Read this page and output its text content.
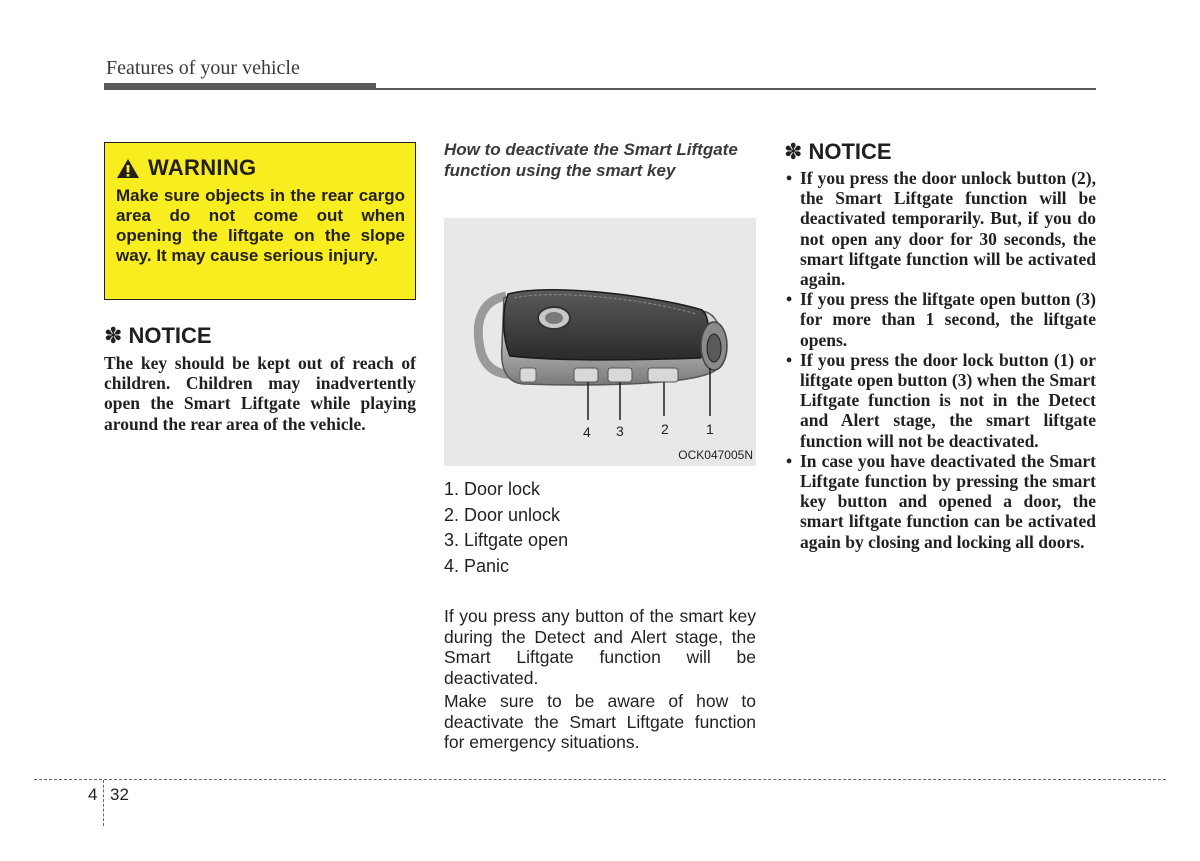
Features of your vehicle
WARNING
Make sure objects in the rear cargo area do not come out when opening the liftgate on the slope way. It may cause serious injury.
✽ NOTICE
The key should be kept out of reach of children. Children may inadvertently open the Smart Liftgate while playing around the rear area of the vehicle.
How to deactivate the Smart Liftgate function using the smart key
4 3	2	1
OCK047005N
1. Door lock
2. Door unlock
3. Liftgate open
4. Panic
If you press any button of the smart key during the Detect and Alert stage, the Smart Liftgate function will be deactivated.
Make sure to be aware of how to deactivate the Smart Liftgate function for emergency situations.
✽ NOTICE
• If you press the door unlock button (2), the Smart Liftgate function will be deactivated temporarily. But, if you do not open any door for 30 seconds, the smart liftgate function will be activated again.
• If you press the liftgate open button (3) for more than 1 second, the liftgate opens.
• If you press the door lock button (1) or liftgate open button (3) when the Smart Liftgate function is not in the Detect and Alert stage, the smart liftgate function will not be deactivated.
• In case you have deactivated the Smart Liftgate function by pressing the smart key button and opened a door, the smart liftgate function can be activated again by closing and locking all doors.
4 32
